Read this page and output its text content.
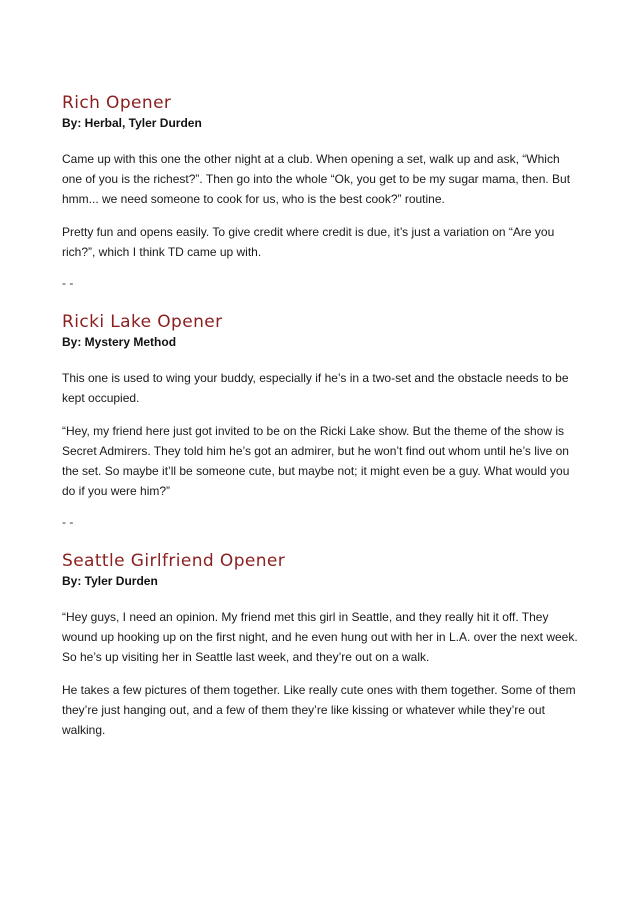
Rich Opener

By: Herbal, Tyler Durden

Came up with this one the other night at a club. When opening a set, walk up and ask, “Which one of you is the richest?”. Then go into the whole “Ok, you get to be my sugar mama, then. But hmm... we need someone to cook for us, who is the best cook?” routine.

Pretty fun and opens easily. To give credit where credit is due, it’s just a variation on “Are you rich?”, which I think TD came up with.

- -

Ricki Lake Opener

By: Mystery Method

This one is used to wing your buddy, especially if he’s in a two-set and the obstacle needs to be kept occupied.

“Hey, my friend here just got invited to be on the Ricki Lake show. But the theme of the show is Secret Admirers. They told him he’s got an admirer, but he won’t find out whom until he’s live on the set. So maybe it’ll be someone cute, but maybe not; it might even be a guy. What would you do if you were him?”

- -

Seattle Girlfriend Opener

By: Tyler Durden

“Hey guys, I need an opinion. My friend met this girl in Seattle, and they really hit it off. They wound up hooking up on the first night, and he even hung out with her in L.A. over the next week. So he’s up visiting her in Seattle last week, and they’re out on a walk.

He takes a few pictures of them together. Like really cute ones with them together. Some of them they’re just hanging out, and a few of them they’re like kissing or whatever while they’re out walking.
